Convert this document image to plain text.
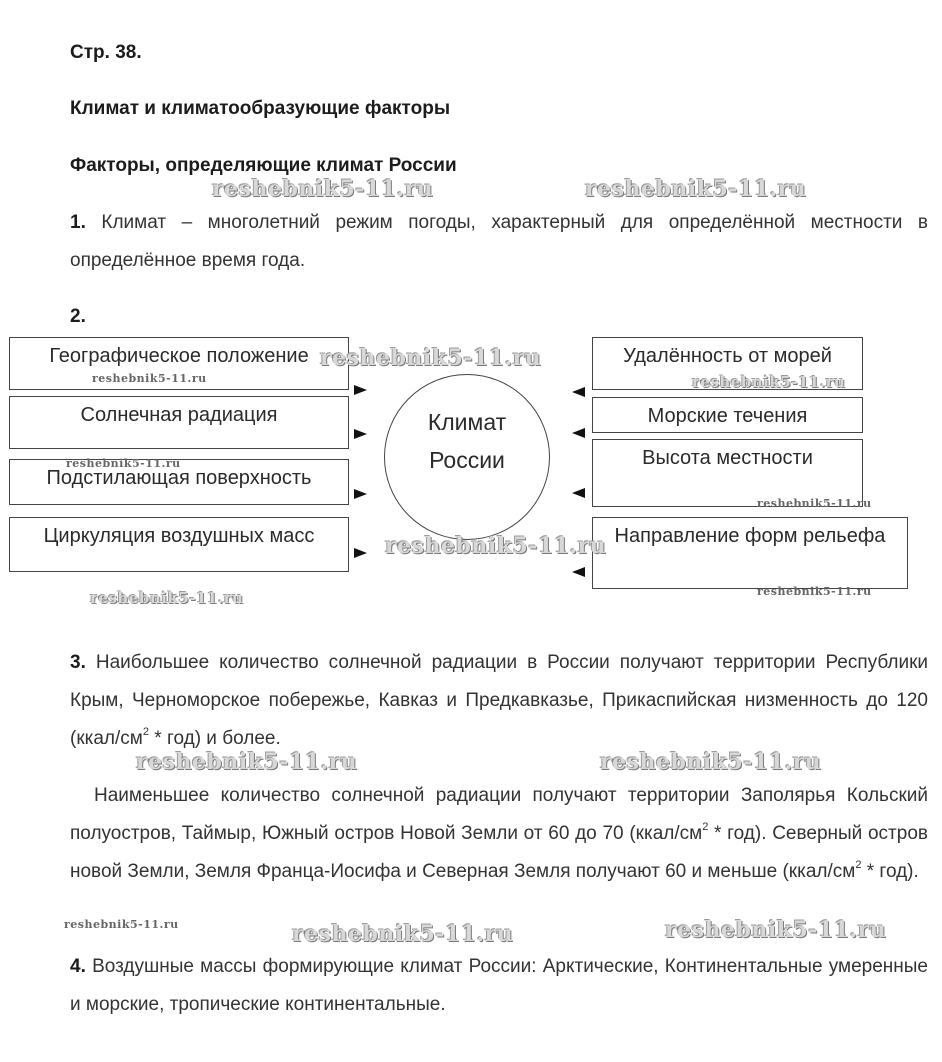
Стр. 38.
Климат и климатообразующие факторы
Факторы, определяющие климат России
1. Климат – многолетний режим погоды, характерный для определённой местности в определённое время года.
2.
Географическое положение
Солнечная радиация
Подстилающая поверхность
Циркуляция воздушных масс
Удалённость от морей
Морские течения
Высота местности
Направление форм рельефа
Климат
России
3. Наибольшее количество солнечной радиации в России получают территории Республики Крым, Черноморское побережье, Кавказ и Предкавказье, Прикаспийская низменность до 120 $(ккал/см^2 * год)$ и более.
Наименьшее количество солнечной радиации получают территории Заполярья Кольский полуостров, Таймыр, Южный остров Новой Земли от 60 до 70 $(ккал/см^2 * год)$. Северный остров новой Земли, Земля Франца-Иосифа и Северная Земля получают 60 и меньше $(ккал/см^2 * год)$.
4. Воздушные массы формирующие климат России: Арктические, Континентальные умеренные и морские, тропические континентальные.
reshebnik5-11.ru	reshebnik5-11.ru
reshebnik5-11.ru
reshebnik5-11.ru
reshebnik5-11.ru
reshebnik5-11.ru
reshebnik5-11.ru
reshebnik5-11.ru
reshebnik5-11.ru	reshebnik5-11.ru
reshebnik5-11.ru	reshebnik5-11.ru
reshebnik5-11.ru	reshebnik5-11.ru	reshebnik5-11.ru
